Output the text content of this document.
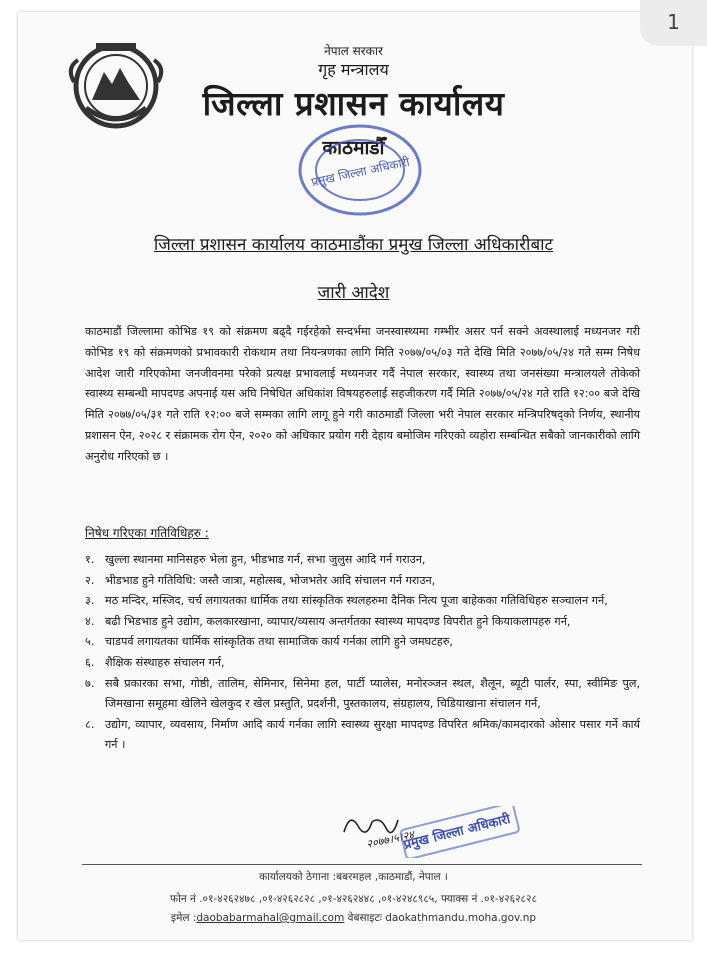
1
नेपाल सरकार
गृह मन्त्रालय
जिल्ला प्रशासन कार्यालय
काठमाडौँ
प्रमुख जिल्ला अधिकारी
जिल्ला प्रशासन कार्यालय काठमाडौंका प्रमुख जिल्ला अधिकारीबाट
जारी आदेश
काठमाडौं जिल्लामा कोभिड १९ को संक्रमण बढ्दै गईरहेको सन्दर्भमा जनस्वास्थ्यमा गम्भीर असर पर्न सक्ने अवस्थालाई मध्यनजर गरी कोभिड १९ को संक्रमणको प्रभावकारी रोकथाम तथा नियन्त्रणका लागि मिति २०७७/०५/०३ गते देखि मिति २०७७/०५/२४ गते सम्म निषेध आदेश जारी गरिएकोमा जनजीवनमा परेको प्रत्यक्ष प्रभावलाई मध्यनजर गर्दै नेपाल सरकार, स्वास्थ्य तथा जनसंख्या मन्त्रालयले तोकेको स्वास्थ्य सम्बन्धी मापदण्ड अपनाई यस अघि निषेधित अधिकांश विषयहरुलाई सहजीकरण गर्दै मिति २०७७/०५/२४ गते राति १२:०० बजे देखि मिति २०७७/०५/३१ गते राति १२:०० बजे सम्मका लागि लागू हुने गरी काठमाडौं जिल्ला भरी नेपाल सरकार मन्त्रिपरिषद्को निर्णय, स्थानीय प्रशासन ऐन, २०२८ र संक्रामक रोग ऐन, २०२० को अधिकार प्रयोग गरी देहाय बमोजिम गरिएको व्यहोरा सम्बन्धित सबैको जानकारीको लागि अनुरोध गरिएको छ ।
निषेध गरिएका गतिविधिहरु :
१. खुल्ला स्थानमा मानिसहरु भेला हुन, भीडभाड गर्न, सभा जुलुस आदि गर्न गराउन,
२. भीडभाड हुने गतिविधि: जस्तै जात्रा, महोत्सब, भोजभतेर आदि संचालन गर्न गराउन,
३. मठ मन्दिर, मस्जिद, चर्च लगायतका धार्मिक तथा सांस्कृतिक स्थलहरुमा दैनिक नित्य पूजा बाहेकका गतिविधिहरु सञ्चालन गर्न,
४. बढी भिडभाड हुने उद्योग, कलकारखाना, व्यापार/व्यसाय अन्तर्गतका स्वास्थ्य मापदण्ड विपरीत हुने कियाकलापहरु गर्न,
५. चाडपर्व लगायतका धार्मिक सांस्कृतिक तथा सामाजिक कार्य गर्नका लागि हुने जमघटहरु,
६. शैक्षिक संस्थाहरु संचालन गर्न,
७. सबै प्रकारका सभा, गोष्ठी, तालिम, सेमिनार, सिनेमा हल, पार्टी प्यालेस, मनोरञ्जन स्थल, शैलून, ब्यूटी पार्लर, स्पा, स्वीमिङ पुल, जिमखाना समूहमा खेलिने खेलकुद र खेल प्रस्तुति, प्रदर्शनी, पुस्तकालय, संग्रहालय, चिडियाखाना संचालन गर्न,
८. उद्योग, व्यापार, व्यवसाय, निर्माण आदि कार्य गर्नका लागि स्वास्थ्य सुरक्षा मापदण्ड विपरित श्रमिक/कामदारको ओसार पसार गर्ने कार्य गर्न ।
२०७७।५।२४
प्रमुख जिल्ला अधिकारी
कार्यालयको ठेगाना :बबरमहल ,काठमाडौं, नेपाल ।
फोन नं .०१-४२६२४७८ ,०१-४२६२८२८ ,०१-४२६२४४८ ,०१-४२४८९८५, फ्याक्स नं .०१-४२६२८२८
इमेल :daobabarmahal@gmail.com वेबसाइटः daokathmandu.moha.gov.np
